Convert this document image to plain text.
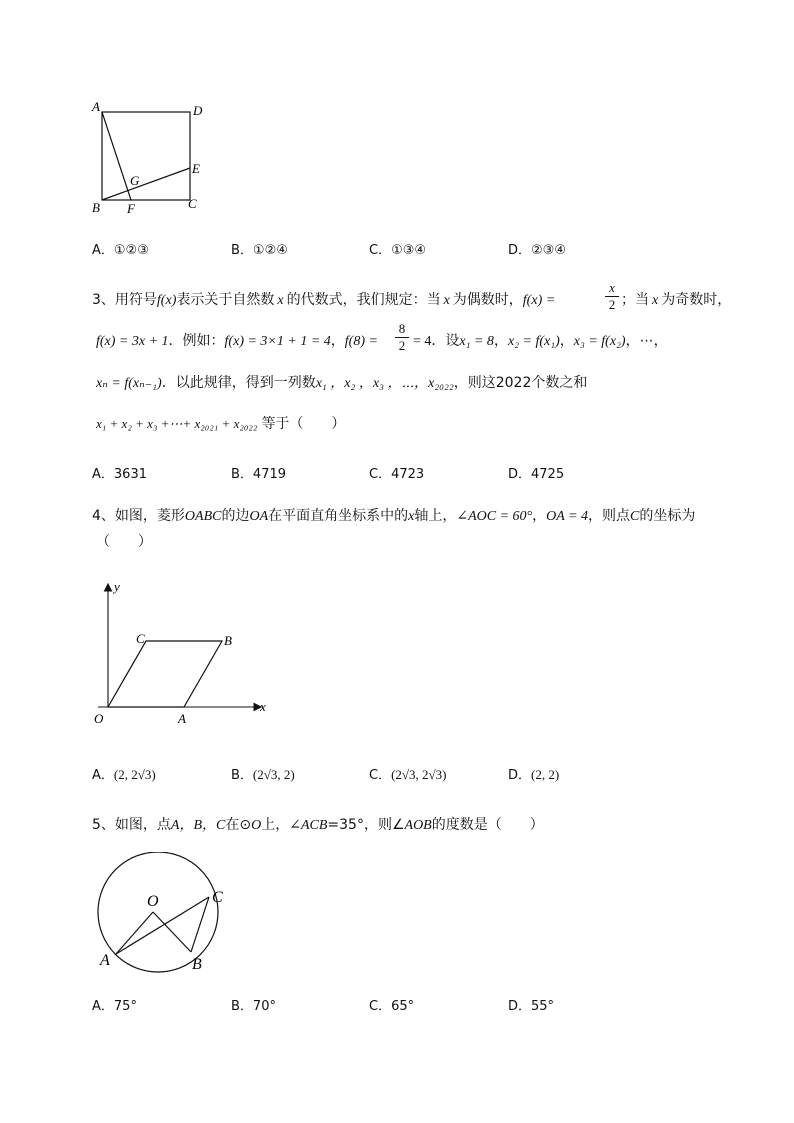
A	D
E
G
B F	C
A．①②③	B．①②④	C．①③④	D．②③④
3、用符号f(x)表示关于自然数 x 的代数式，我们规定：当 x 为偶数时，f(x) =
x
2 ；当 x 为奇数时，
f(x) = 3x + 1．例如：f(x) = 3×1 + 1 = 4，f(8) =
8
2 = 4．设x₁ = 8，x₂ = f(x₁)，x₃ = f(x₂)，⋯，
xₙ = f(xₙ₋₁)．以此规律，得到一列数x₁ ，x₂ ，x₃ ，⋯，x₂₀₂₂，则这2022个数之和
x₁ + x₂ + x₃ +⋯+ x₂₀₂₁ + x₂₀₂₂ 等于（　　）
A．3631	B．4719	C．4723	D．4725
4、如图，菱形OABC的边OA在平面直角坐标系中的x轴上，∠AOC = 60°，OA = 4，则点C的坐标为
（　　）
y
x
O	A
C	B
A．(2, 2√3)	B．(2√3, 2)	C．(2√3, 2√3)	D．(2, 2)
5、如图，点A，B，C在⊙O上，∠ACB=35°，则∠AOB的度数是（　　）
O
A	B
C
A．75°	B．70°	C．65°	D．55°
